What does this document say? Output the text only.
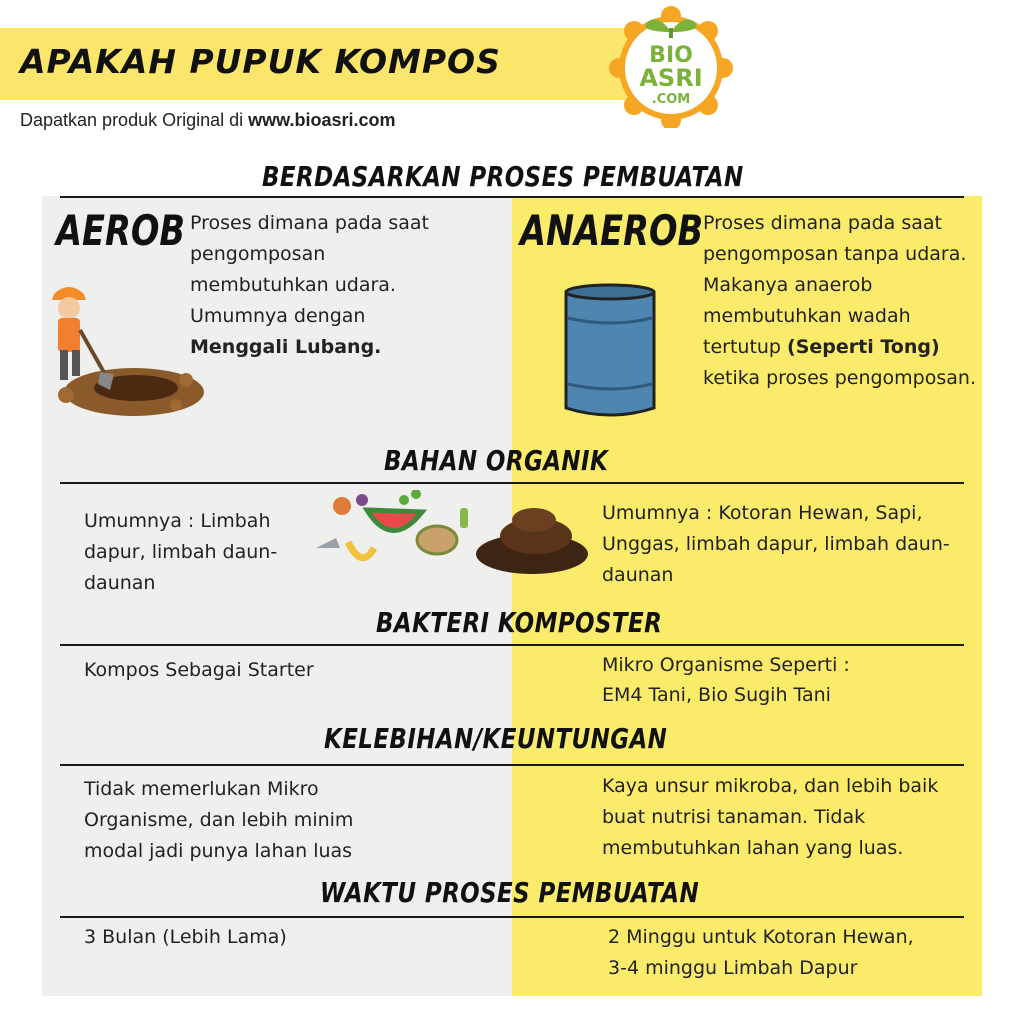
APAKAH PUPUK KOMPOS
Dapatkan produk Original di www.bioasri.com
BIO
ASRI
.COM
BERDASARKAN PROSES PEMBUATAN
AEROB Proses dimana pada saat pengomposan membutuhkan udara. Umumnya dengan Menggali Lubang.
ANAEROB Proses dimana pada saat pengomposan tanpa udara. Makanya anaerob membutuhkan wadah tertutup (Seperti Tong) ketika proses pengomposan.
BAHAN ORGANIK
Umumnya : Limbah dapur, limbah daun-daunan
Umumnya : Kotoran Hewan, Sapi, Unggas, limbah dapur, limbah daun-daunan
BAKTERI KOMPOSTER
Kompos Sebagai Starter	Mikro Organisme Seperti :
EM4 Tani, Bio Sugih Tani
KELEBIHAN/KEUNTUNGAN
Tidak memerlukan Mikro Organisme, dan lebih minim modal jadi punya lahan luas
Kaya unsur mikroba, dan lebih baik buat nutrisi tanaman. Tidak membutuhkan lahan yang luas.
WAKTU PROSES PEMBUATAN
3 Bulan (Lebih Lama)	2 Minggu untuk Kotoran Hewan,
3-4 minggu Limbah Dapur
